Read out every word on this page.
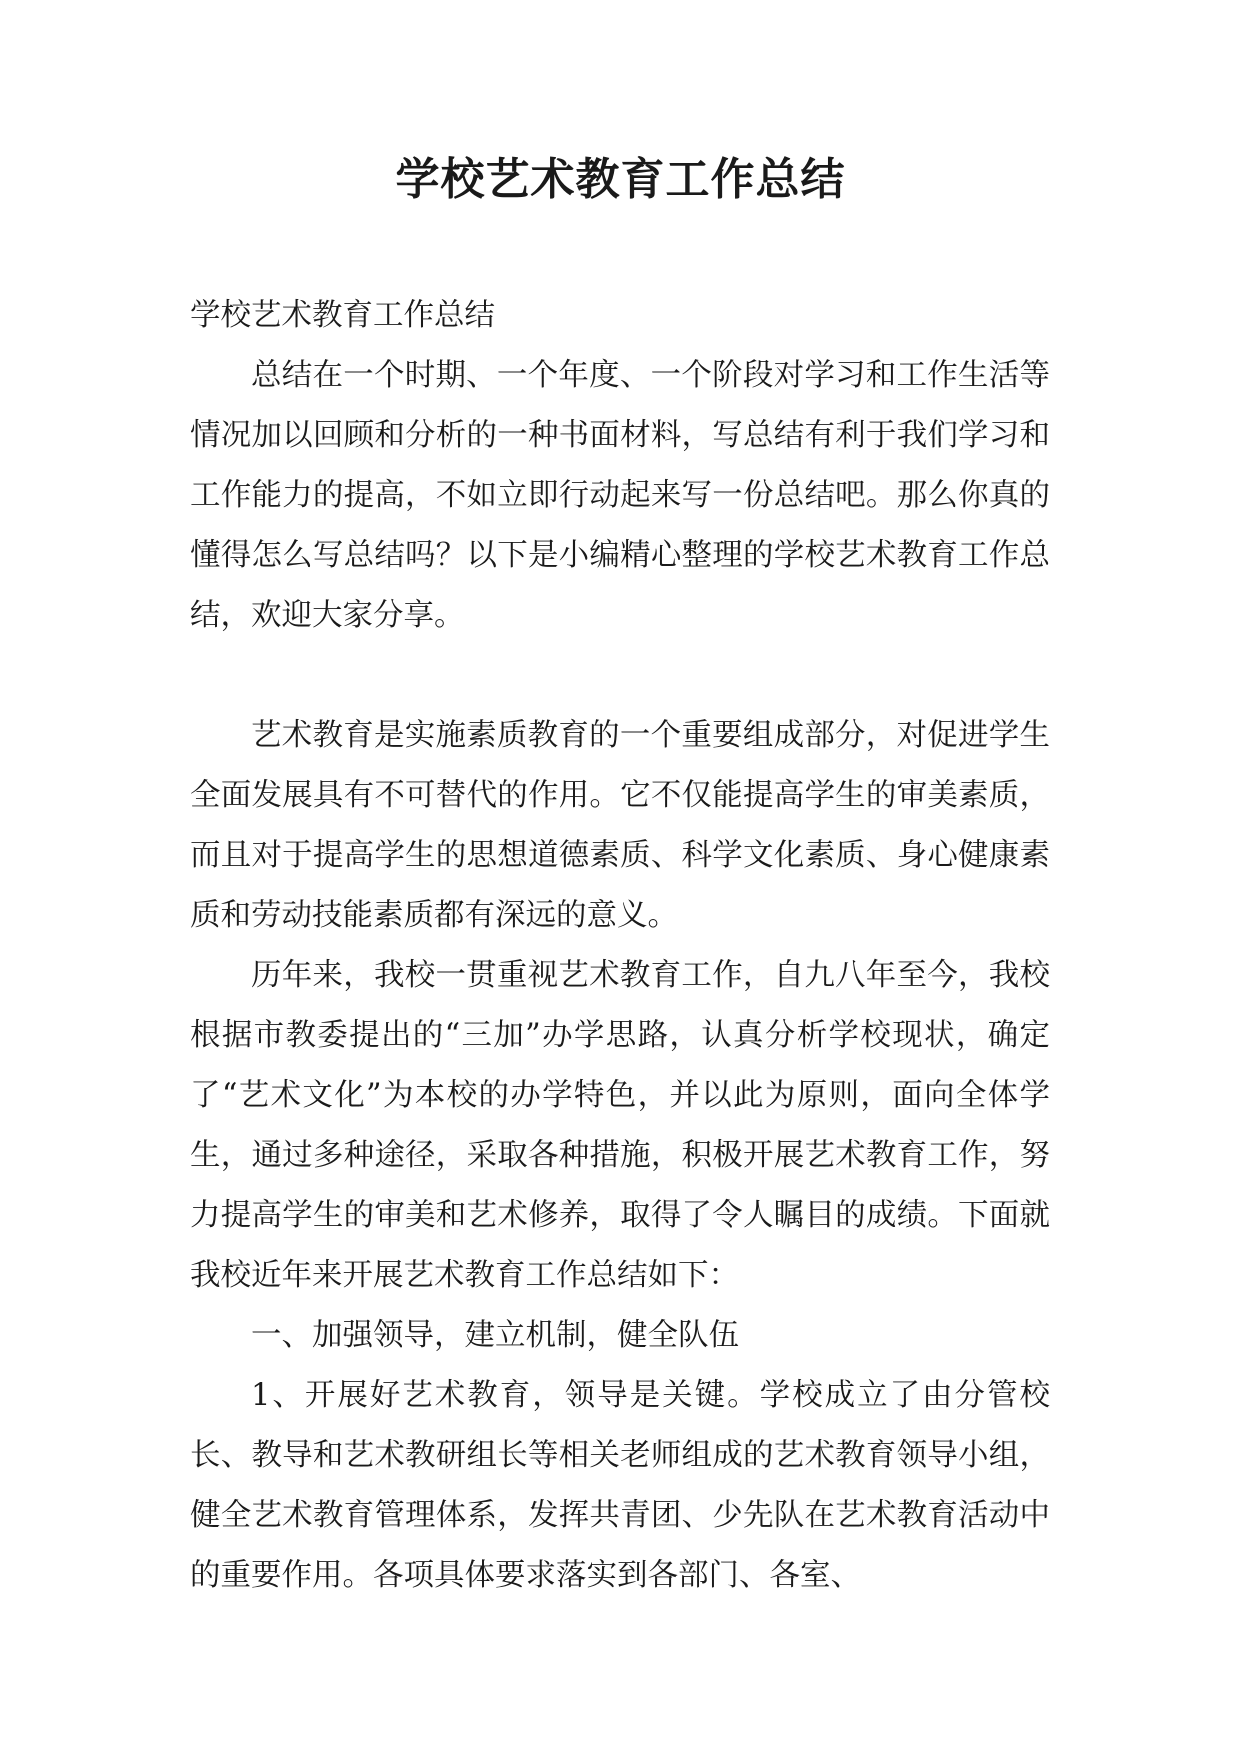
学校艺术教育工作总结

学校艺术教育工作总结

总结在一个时期、一个年度、一个阶段对学习和工作生活等情况加以回顾和分析的一种书面材料，写总结有利于我们学习和工作能力的提高，不如立即行动起来写一份总结吧。那么你真的懂得怎么写总结吗？以下是小编精心整理的学校艺术教育工作总结，欢迎大家分享。

艺术教育是实施素质教育的一个重要组成部分，对促进学生全面发展具有不可替代的作用。它不仅能提高学生的审美素质，而且对于提高学生的思想道德素质、科学文化素质、身心健康素质和劳动技能素质都有深远的意义。

历年来，我校一贯重视艺术教育工作，自九八年至今，我校根据市教委提出的“三加”办学思路，认真分析学校现状，确定了“艺术文化”为本校的办学特色，并以此为原则，面向全体学生，通过多种途径，采取各种措施，积极开展艺术教育工作，努力提高学生的审美和艺术修养，取得了令人瞩目的成绩。下面就我校近年来开展艺术教育工作总结如下：

一、加强领导，建立机制，健全队伍

1、开展好艺术教育，领导是关键。学校成立了由分管校长、教导和艺术教研组长等相关老师组成的艺术教育领导小组，健全艺术教育管理体系，发挥共青团、少先队在艺术教育活动中的重要作用。各项具体要求落实到各部门、各室、
